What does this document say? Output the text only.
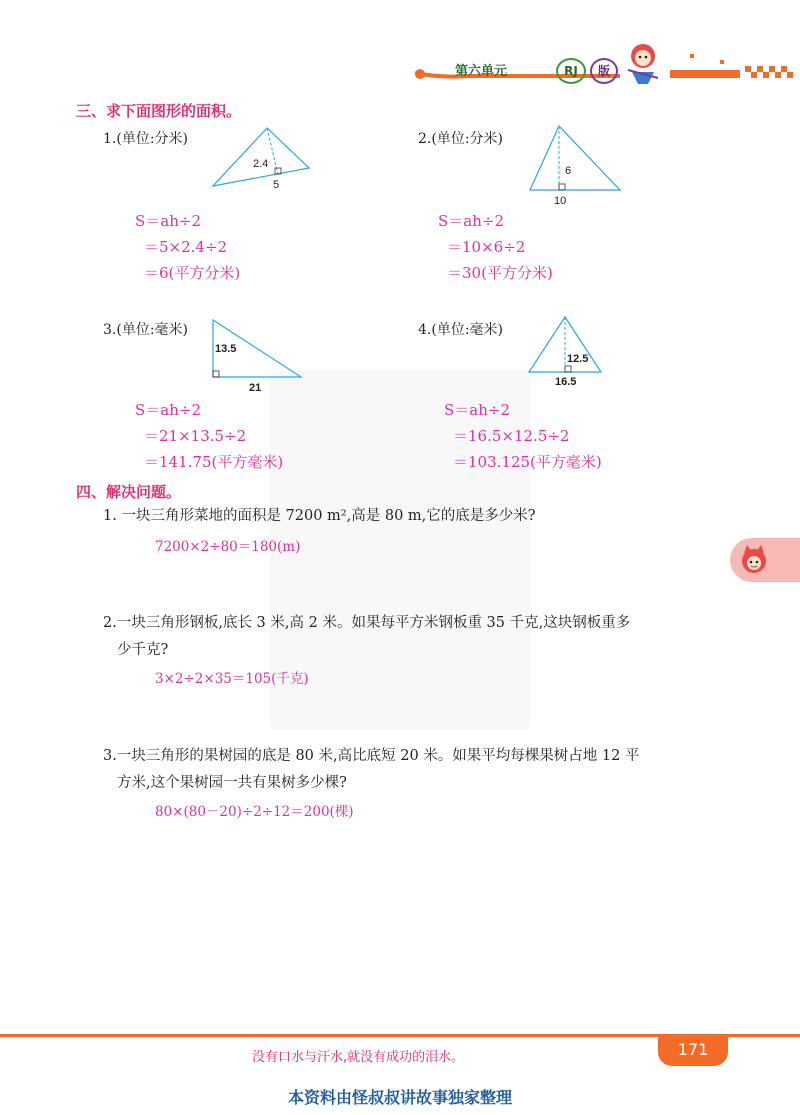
第六单元	RJ	版
三、求下面图形的面积。
1.(单位:分米)
2.4
5
S＝ah÷2
＝5×2.4÷2
＝6(平方分米)
2.(单位:分米)
6
10
S＝ah÷2
＝10×6÷2
＝30(平方分米)
3.(单位:毫米)
13.5
21
S＝ah÷2
＝21×13.5÷2
＝141.75(平方毫米)
4.(单位:毫米)
12.5
16.5
S＝ah÷2
＝16.5×12.5÷2
＝103.125(平方毫米)
四、解决问题。
1. 一块三角形菜地的面积是 7200 m²,高是 80 m,它的底是多少米?
7200×2÷80＝180(m)
2.一块三角形钢板,底长 3 米,高 2 米。如果每平方米钢板重 35 千克,这块钢板重多
少千克?
3×2÷2×35＝105(千克)
3.一块三角形的果树园的底是 80 米,高比底短 20 米。如果平均每棵果树占地 12 平
方米,这个果树园一共有果树多少棵?
80×(80－20)÷2÷12＝200(棵)
171
没有口水与汗水,就没有成功的泪水。
本资料由怪叔叔讲故事独家整理
